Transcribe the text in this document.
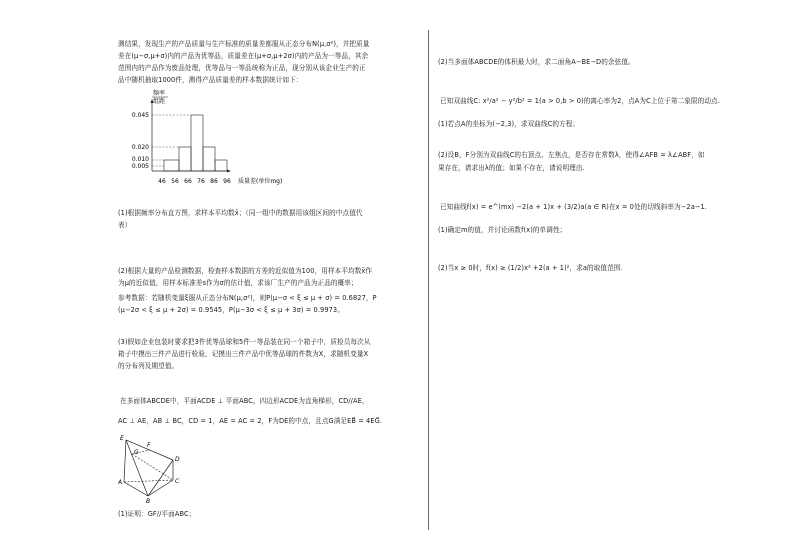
测结果，发现生产的产品质量与生产标准的质量差都服从正态分布N(μ,σ²)，并把质量
差在(μ−σ,μ+σ)内的产品为优等品，质量差在(μ+σ,μ+2σ)内的产品为一等品，其余
范围内的产品作为废品处理，优等品与一等品统称为正品，现分别从该企业生产的正
品中随机抽取1000件，测得产品质量差的样本数据统计如下：
频率
组距
0.045
0.020
0.010
0.005
46 56 66 76 86 96 质量差(单位mg)
(1)根据频率分布直方图，求样本平均数x̄；（同一组中的数据用该组区间的中点值代
表）
(2)根据大量的产品检测数据，检查样本数据的方差的近似值为100，用样本平均数x̄作
为μ的近似值，用样本标准差s作为σ的估计值，求该厂生产的产品为正品的概率；
参考数据：若随机变量ξ服从正态分布N(μ,σ²)，则P(μ−σ < ξ ≤ μ + σ) = 0.6827，P
(μ−2σ < ξ ≤ μ + 2σ) = 0.9545，P(μ−3σ < ξ ≤ μ + 3σ) = 0.9973。
(3)假如企业包装时要求把3件优等品球和5件一等品装在同一个箱子中，质检员每次从
箱子中摸出三件产品进行检验，记摸出三件产品中优等品球的件数为X，求随机变量X
的分布列及期望值。
在多面体ABCDE中，平面ACDE ⊥ 平面ABC，四边形ACDE为直角梯形，CD//AE，
AC ⊥ AE，AB ⊥ BC，CD = 1，AE = AC = 2，F为DE的中点，且点G满足EB⃗ = 4EG⃗.
E
F
G
D
C
A
B
(1)证明：GF//平面ABC；
(2)当多面体ABCDE的体积最大时，求二面角A−BE−D的余弦值。
已知双曲线C: x²/a² − y²/b² = 1(a > 0,b > 0)的离心率为2，点A为C上位于第二象限的动点.
(1)若点A的坐标为(−2,3)，求双曲线C的方程；
(2)设B，F分别为双曲线C的右顶点、左焦点，是否存在常数λ，使得∠AFB = λ∠ABF，如
果存在，请求出λ的值；如果不存在，请说明理由.
已知曲线f(x) = e^(mx) −2(a + 1)x + (3/2)a(a ∈ R)在x = 0处的切线斜率为−2a−1.
(1)确定m的值，并讨论函数f(x)的单调性；
(2)当x ≥ 0时，f(x) ≥ (1/2)x² +2(a + 1)²，求a的取值范围.
